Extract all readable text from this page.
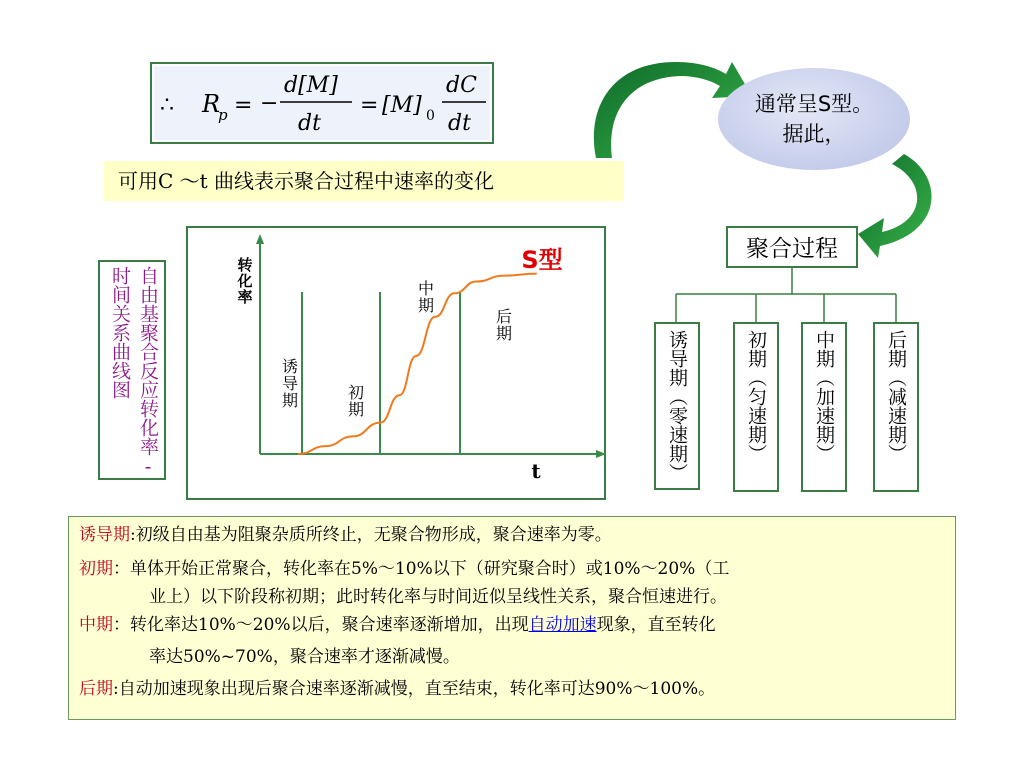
∴ R
p = −
d[M]
dt
= [M] 0
dC
dt
可用C ～t 曲线表示聚合过程中速率的变化
通常呈S型。据此，
聚合过程
诱导期（零速期）	初期（匀速期）	中期（加速期）	后期（减速期）
自由基聚合反应转化率-时间关系曲线图
转化率
诱导期	初期
中期
后期
t
S型
诱导期:初级自由基为阻聚杂质所终止，无聚合物形成，聚合速率为零。
初期：单体开始正常聚合，转化率在5%～10%以下（研究聚合时）或10%～20%（工
业上）以下阶段称初期；此时转化率与时间近似呈线性关系，聚合恒速进行。
中期：转化率达10%～20%以后，聚合速率逐渐增加，出现自动加速现象，直至转化
率达50%~70%，聚合速率才逐渐减慢。
后期:自动加速现象出现后聚合速率逐渐减慢，直至结束，转化率可达90%～100%。
